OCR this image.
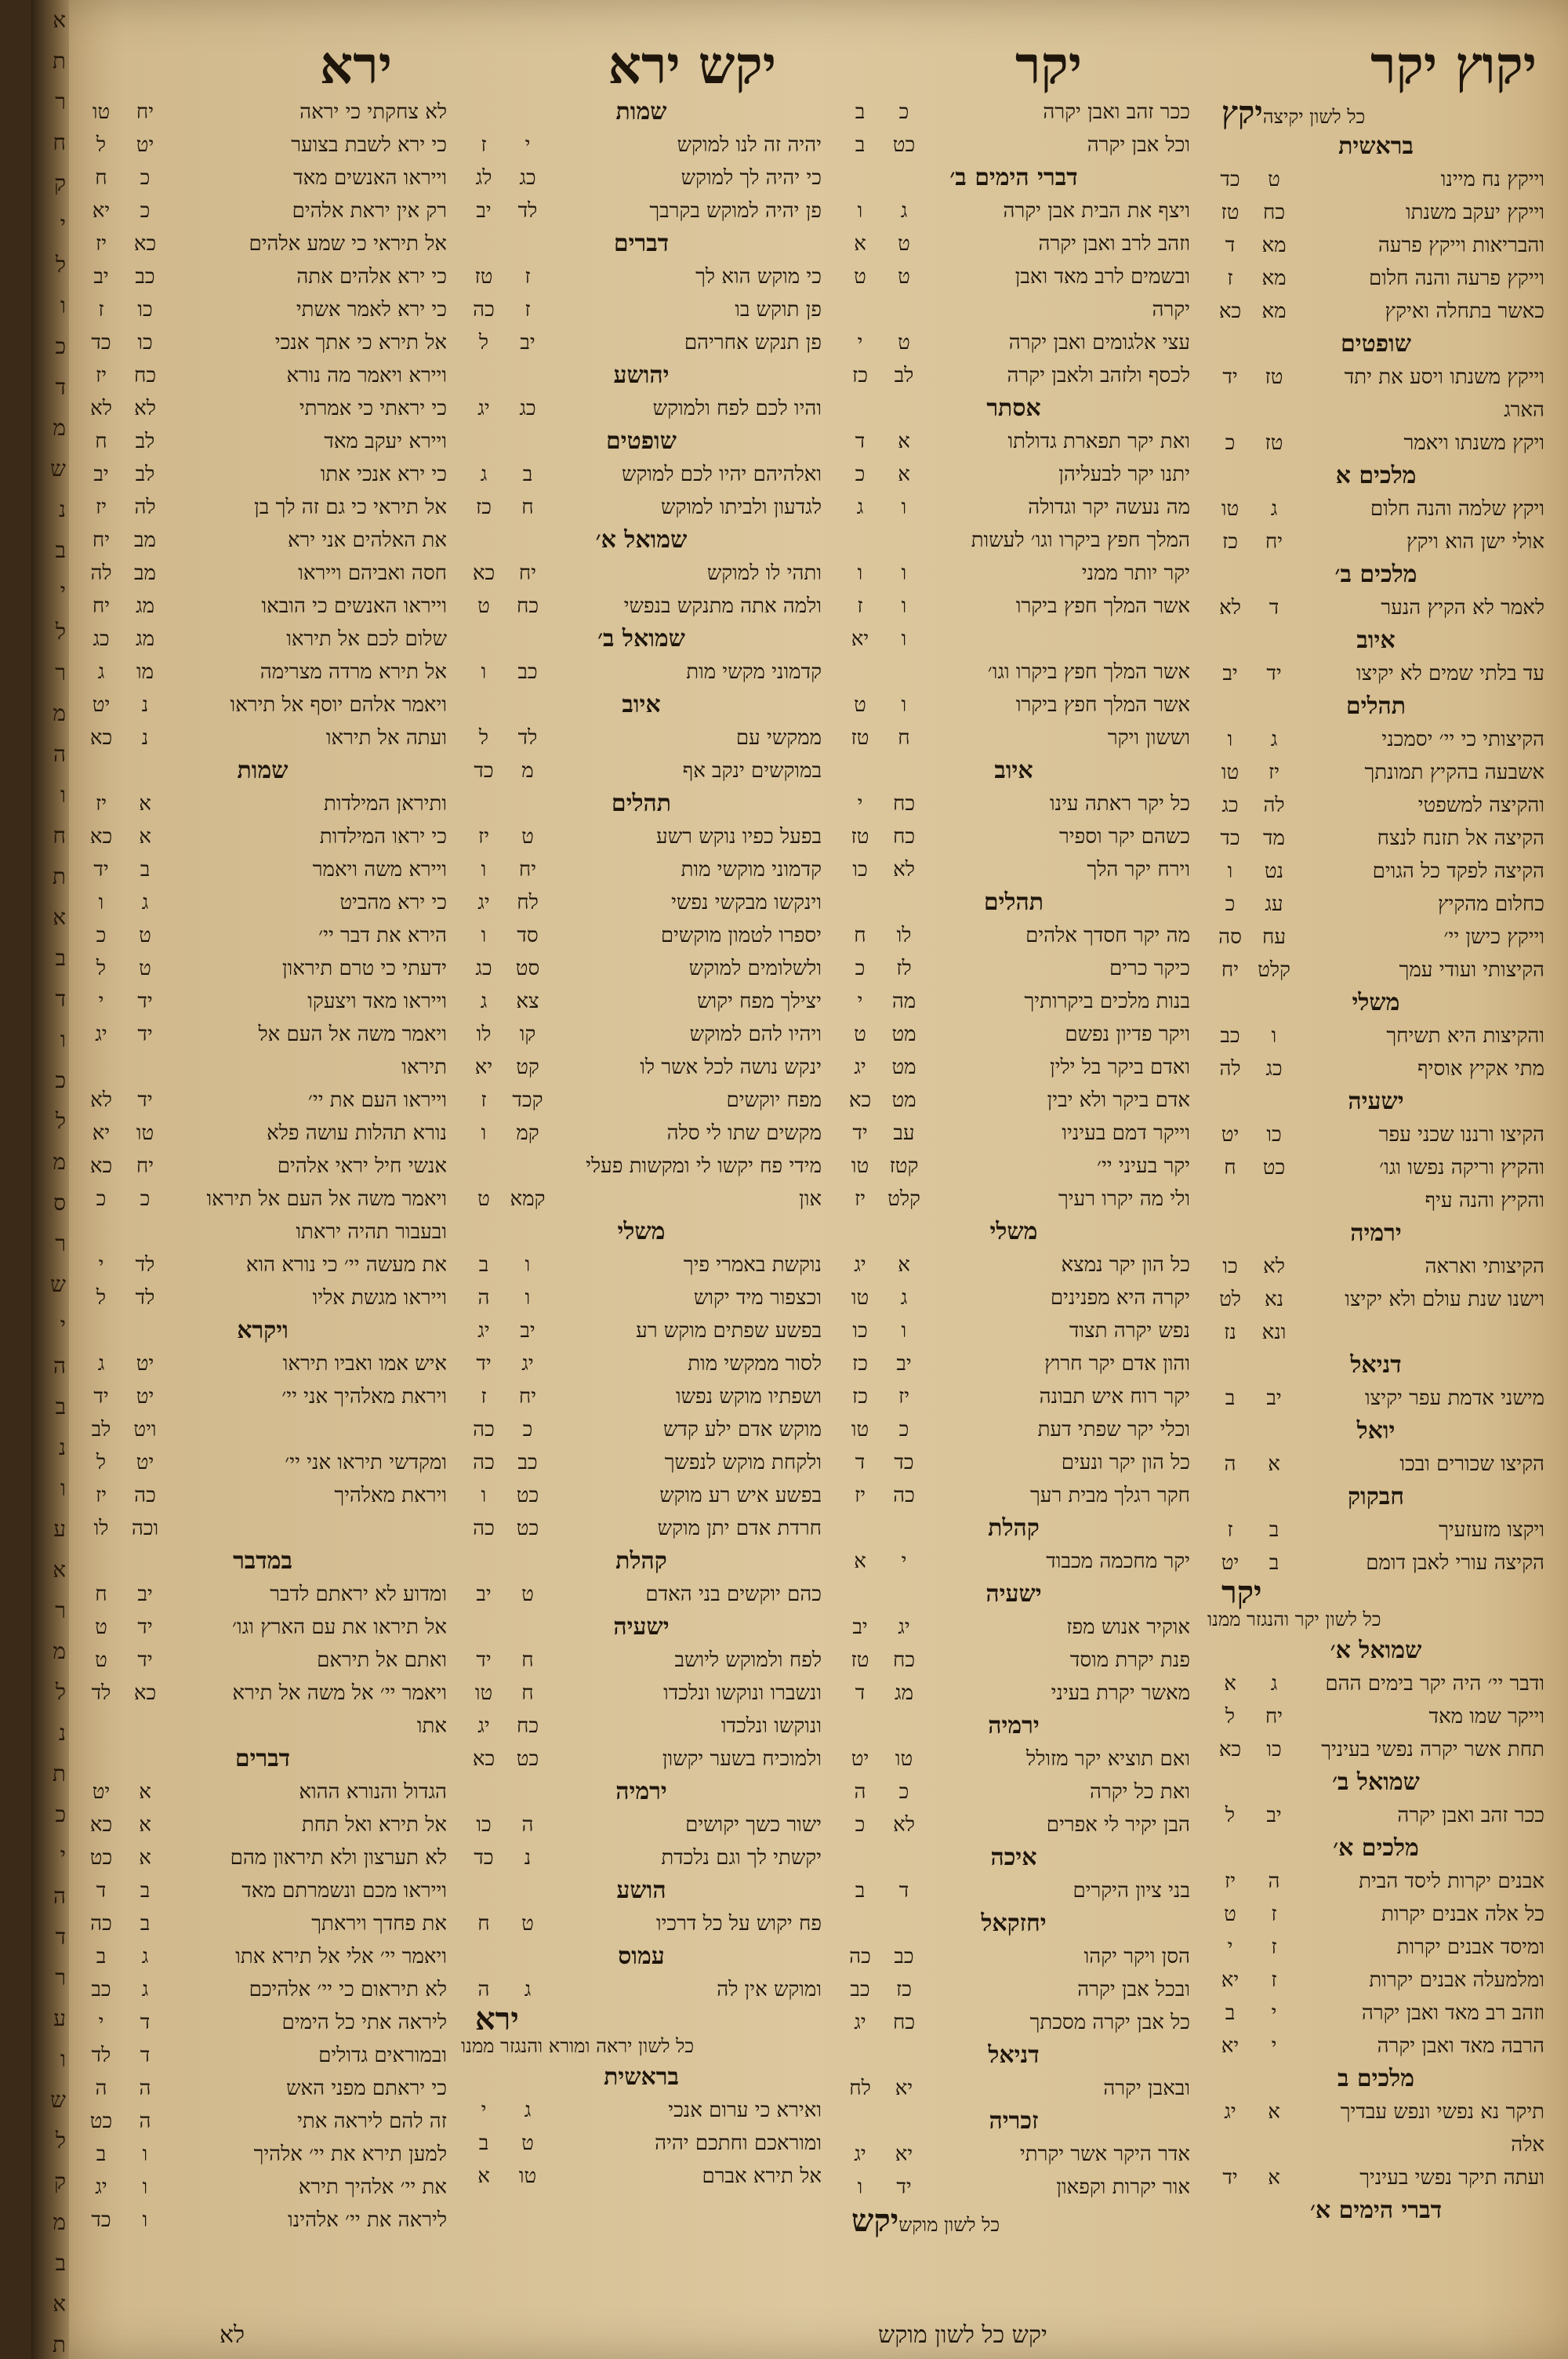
א
ת
ר
ח
ק
י
ל
ו
כ
ד
מ
ש
נ
ב
י
ל
ר
מ
ה
ו
ח
ת
א
ב
ד
ו
כ
ל
מ
ס
ר
ש
י
ה
ב
נ
ו
ע
א
ר
מ
ל
נ
ת
כ
י
ה
ד
ר
ע
ו
ש
ל
ק
מ
ב
א
ת
יקוץ יקר
יקר
יקש ירא
ירא
יקץ כל לשון יקיצה
בראשית
וייקץ נח מיינו
ט
כד
וייקץ יעקב משנתו
כח
טז
והבריאות וייקץ פרעה
מא
ד
וייקץ פרעה והנה חלום
מא
ז
כאשר בתחלה ואיקץ
מא
כא
שופטים
וייקץ משנתו ויסע את יתד
טז
יד
הארג
ויקץ משנתו ויאמר
טז
כ
מלכים א
ויקץ שלמה והנה חלום
ג
טו
אולי ישן הוא ויקץ
יח
כז
מלכים ב׳
לאמר לא הקיץ הנער
ד
לא
איוב
עד בלתי שמים לא יקיצו
יד
יב
תהלים
הקיצותי כי יי׳ יסמכני
ג
ו
אשבעה בהקיץ תמונתך
יז
טו
והקיצה למשפטי
לה
כג
הקיצה אל תזנח לנצח
מד
כד
הקיצה לפקד כל הגוים
נט
ו
כחלום מהקיץ
עג
כ
וייקץ כישן יי׳
עח
סה
הקיצותי ועודי עמך
קלט
יח
משלי
והקיצות היא תשיחך
ו
כב
מתי אקיץ אוסיף
כג
לה
ישעיה
הקיצו ורננו שכני עפר
כו
יט
והקיץ וריקה נפשו וגו׳
כט
ח
והקיץ והנה עיף
ירמיה
הקיצותי ואראה
לא
כו
וישנו שנת עולם ולא יקיצו
נא
לט
ונא
נז
דניאל
מישני אדמת עפר יקיצו
יב
ב
יואל
הקיצו שכורים ובכו
א
ה
חבקוק
ויקצו מזעזעיך
ב
ז
הקיצה עורי לאבן דומם
ב
יט
יקר
כל לשון יקר והנגזר ממנו
שמואל א׳
ודבר יי׳ היה יקר בימים ההם
ג
א
וייקר שמו מאד
יח
ל
תחת אשר יקרה נפשי בעיניך
כו
כא
שמואל ב׳
ככר זהב ואבן יקרה
יב
ל
מלכים א׳
אבנים יקרות ליסד הבית
ה
יז
כל אלה אבנים יקרות
ז
ט
ומיסד אבנים יקרות
ז
י
ומלמעלה אבנים יקרות
ז
יא
וזהב רב מאד ואבן יקרה
י
ב
הרבה מאד ואבן יקרה
י
יא
מלכים ב
תיקר נא נפשי ונפש עבדיך
א
יג
אלה
ועתה תיקר נפשי בעיניך
א
יד
דברי הימים א׳
ככר זהב ואבן יקרה
כ
ב
וכל אבן יקרה
כט
ב
דברי הימים ב׳
ויצף את הבית אבן יקרה
ג
ו
וזהב לרב ואבן יקרה
ט
א
ובשמים לרב מאד ואבן
ט
ט
יקרה
עצי אלגומים ואבן יקרה
ט
י
לכסף ולזהב ולאבן יקרה
לב
כז
אסתר
ואת יקר תפארת גדולתו
א
ד
יתנו יקר לבעליהן
א
כ
מה נעשה יקר וגדולה
ו
ג
המלך חפץ ביקרו וגו׳ לעשות
יקר יותר ממני
ו
ו
אשר המלך חפץ ביקרו
ו
ז
ו
יא
אשר המלך חפץ ביקרו וגו׳
אשר המלך חפץ ביקרו
ו
ט
וששון ויקר
ח
טז
איוב
כל יקר ראתה עינו
כח
י
כשהם יקר וספיר
כח
טז
וירח יקר הלך
לא
כו
תהלים
מה יקר חסדך אלהים
לו
ח
כיקר כרים
לז
כ
בנות מלכים ביקרותיך
מה
י
ויקר פדיון נפשם
מט
ט
ואדם ביקר בל ילין
מט
יג
אדם ביקר ולא יבין
מט
כא
וייקר דמם בעיניו
עב
יד
יקר בעיני יי׳
קטז
טו
ולי מה יקרו רעיך
קלט
יז
משלי
כל הון יקר נמצא
א
יג
יקרה היא מפנינים
ג
טו
נפש יקרה תצוד
ו
כו
והון אדם יקר חרוץ
יב
כז
יקר רוח איש תבונה
יז
כז
וכלי יקר שפתי דעת
כ
טו
כל הון יקר ונעים
כד
ד
חקר רגלך מבית רעך
כה
יז
קהלת
יקר מחכמה מכבוד
י
א
ישעיה
אוקיר אנוש מפז
יג
יב
פנת יקרת מוסד
כח
טז
מאשר יקרת בעיני
מג
ד
ירמיה
ואם תוציא יקר מזולל
טו
יט
ואת כל יקרה
כ
ה
הבן יקיר לי אפרים
לא
כ
איכה
בני ציון היקרים
ד
ב
יחזקאל
הסן ויקר יקהו
כב
כה
ובכל אבן יקרה
כז
כב
כל אבן יקרה מסכתך
כח
יג
דניאל
ובאבן יקרה
יא
לח
זכריה
אדר היקר אשר יקרתי
יא
יג
אור יקרות וקפאון
יד
ו
יקש כל לשון מוקש
שמות
יהיה זה לנו למוקש
י
ז
כי יהיה לך למוקש
כג
לג
פן יהיה למוקש בקרבך
לד
יב
דברים
כי מוקש הוא לך
ז
טז
פן תוקש בו
ז
כה
פן תנקש אחריהם
יב
ל
יהושע
והיו לכם לפח ולמוקש
כג
יג
שופטים
ואלהיהם יהיו לכם למוקש
ב
ג
לגדעון ולביתו למוקש
ח
כז
שמואל א׳
ותהי לו למוקש
יח
כא
ולמה אתה מתנקש בנפשי
כח
ט
שמואל ב׳
קדמוני מקשי מות
כב
ו
איוב
ממקשי עם
לד
ל
במוקשים ינקב אף
מ
כד
תהלים
בפעל כפיו נוקש רשע
ט
יז
קדמוני מוקשי מות
יח
ו
וינקשו מבקשי נפשי
לח
יג
יספרו לטמון מוקשים
סד
ו
ולשלומים למוקש
סט
כג
יצילך מפח יקוש
צא
ג
ויהיו להם למוקש
קו
לו
ינקש נושה לכל אשר לו
קט
יא
מפח יוקשים
קכד
ז
מקשים שתו לי סלה
קמ
ו
מידי פח יקשו לי ומקשות פעלי
און
קמא
ט
משלי
נוקשת באמרי פיך
ו
ב
וכצפור מיד יקוש
ו
ה
בפשע שפתים מוקש רע
יב
יג
לסור ממקשי מות
יג
יד
ושפתיו מוקש נפשו
יח
ז
מוקש אדם ילע קדש
כ
כה
ולקחת מוקש לנפשך
כב
כה
בפשע איש רע מוקש
כט
ו
חרדת אדם יתן מוקש
כט
כה
קהלת
כהם יוקשים בני האדם
ט
יב
ישעיה
לפח ולמוקש ליושב
ח
יד
ונשברו ונוקשו ונלכדו
ח
טו
ונוקשו ונלכדו
כח
יג
ולמוכיח בשער יקשון
כט
כא
ירמיה
ישור כשך יקושים
ה
כו
יקשתי לך וגם נלכדת
נ
כד
הושע
פח יקוש על כל דרכיו
ט
ח
עמוס
ומוקש אין לה
ג
ה
ירא
כל לשון יראה ומורא והנגזר ממנו
בראשית
ואירא כי ערום אנכי
ג
י
ומוראכם וחתכם יהיה
ט
ב
אל תירא אברם
טו
א
לא צחקתי כי יראה
יח
טו
כי ירא לשבת בצוער
יט
ל
וייראו האנשים מאד
כ
ח
רק אין יראת אלהים
כ
יא
אל תיראי כי שמע אלהים
כא
יז
כי ירא אלהים אתה
כב
יב
כי ירא לאמר אשתי
כו
ז
אל תירא כי אתך אנכי
כו
כד
ויירא ויאמר מה נורא
כח
יז
כי יראתי כי אמרתי
לא
לא
ויירא יעקב מאד
לב
ח
כי ירא אנכי אתו
לב
יב
אל תיראי כי גם זה לך בן
לה
יז
את האלהים אני ירא
מב
יח
חסה ואביהם וייראו
מב
לה
וייראו האנשים כי הובאו
מג
יח
שלום לכם אל תיראו
מג
כג
אל תירא מרדה מצרימה
מו
ג
ויאמר אלהם יוסף אל תיראו
נ
יט
ועתה אל תיראו
נ
כא
שמות
ותיראן המילדות
א
יז
כי יראו המילדות
א
כא
ויירא משה ויאמר
ב
יד
כי ירא מהביט
ג
ו
הירא את דבר יי׳
ט
כ
ידעתי כי טרם תיראון
ט
ל
וייראו מאד ויצעקו
יד
י
ויאמר משה אל העם אל
יד
יג
תיראו
וייראו העם את יי׳
יד
לא
נורא תהלות עושה פלא
טו
יא
אנשי חיל יראי אלהים
יח
כא
ויאמר משה אל העם אל תיראו
כ
כ
ובעבור תהיה יראתו
את מעשה יי׳ כי נורא הוא
לד
י
וייראו מגשת אליו
לד
ל
ויקרא
איש אמו ואביו תיראו
יט
ג
ויראת מאלהיך אני יי׳
יט
יד
ויט
לב
ומקדשי תיראו אני יי׳
יט
ל
ויראת מאלהיך
כה
יז
וכה
לו
במדבר
ומדוע לא יראתם לדבר
יב
ח
אל תיראו את עם הארץ וגו׳
יד
ט
ואתם אל תיראם
יד
ט
ויאמר יי׳ אל משה אל תירא
כא
לד
אתו
דברים
הגדול והנורא ההוא
א
יט
אל תירא ואל תחת
א
כא
לא תערצון ולא תיראון מהם
א
כט
וייראו מכם ונשמרתם מאד
ב
ד
את פחדך ויראתך
ב
כה
ויאמר יי׳ אלי אל תירא אתו
ג
ב
לא תיראום כי יי׳ אלהיכם
ג
כב
ליראה אתי כל הימים
ד
י
ובמוראים גדולים
ד
לד
כי יראתם מפני האש
ה
ה
זה להם ליראה אתי
ה
כט
למען תירא את יי׳ אלהיך
ו
ב
את יי׳ אלהיך תירא
ו
יג
ליראה את יי׳ אלהינו
ו
כד
לא	יקש כל לשון מוקש
